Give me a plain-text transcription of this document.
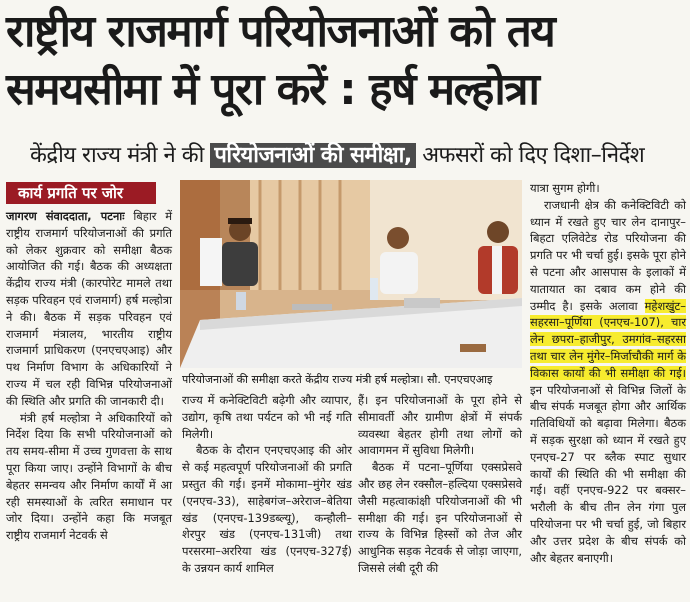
राष्ट्रीय राजमार्ग परियोजनाओं को तय
समयसीमा में पूरा करें : हर्ष मल्होत्रा
केंद्रीय राज्य मंत्री ने की परियोजनाओं की समीक्षा, अफसरों को दिए दिशा–निर्देश
कार्य प्रगति पर जोर

जागरण संवाददाता, पटनाः बिहार में राष्ट्रीय राजमार्ग परियोजनाओं की प्रगति को लेकर शुक्रवार को समीक्षा बैठक आयोजित की गई। बैठक की अध्यक्षता केंद्रीय राज्य मंत्री (कारपोरेट मामले तथा सड़क परिवहन एवं राजमार्ग) हर्ष मल्होत्रा ने की। बैठक में सड़क परिवहन एवं राजमार्ग मंत्रालय, भारतीय राष्ट्रीय राजमार्ग प्राधिकरण (एनएचएआइ) और पथ निर्माण विभाग के अधिकारियों ने राज्य में चल रही विभिन्न परियोजनाओं की स्थिति और प्रगति की जानकारी दी।

मंत्री हर्ष मल्होत्रा ने अधिकारियों को निर्देश दिया कि सभी परियोजनाओं को तय समय-सीमा में उच्च गुणवत्ता के साथ पूरा किया जाए। उन्होंने विभागों के बीच बेहतर समन्वय और निर्माण कार्यों में आ रही समस्याओं के त्वरित समाधान पर जोर दिया। उन्होंने कहा कि मजबूत राष्ट्रीय राजमार्ग नेटवर्क से

परियोजनाओं की समीक्षा करते केंद्रीय राज्य मंत्री हर्ष मल्होत्रा। सौ. एनएचएआइ

राज्य में कनेक्टिविटी बढ़ेगी और व्यापार, उद्योग, कृषि तथा पर्यटन को भी नई गति मिलेगी।

बैठक के दौरान एनएचएआइ की ओर से कई महत्वपूर्ण परियोजनाओं की प्रगति प्रस्तुत की गई। इनमें मोकामा–मुंगेर खंड (एनएच-33), साहेबगंज–अरेराज–बेतिया खंड (एनएच-139डब्ल्यू), कन्हौली–शेरपुर खंड (एनएच-131जी) तथा परसरमा–अररिया खंड (एनएच-327ई) के उन्नयन कार्य शामिल

हैं। इन परियोजनाओं के पूरा होने से सीमावर्ती और ग्रामीण क्षेत्रों में संपर्क व्यवस्था बेहतर होगी तथा लोगों को आवागमन में सुविधा मिलेगी।

बैठक में पटना–पूर्णिया एक्सप्रेसवे और छह लेन रक्सौल–हल्दिया एक्सप्रेसवे जैसी महत्वाकांक्षी परियोजनाओं की भी समीक्षा की गई। इन परियोजनाओं से राज्य के विभिन्न हिस्सों को तेज और आधुनिक सड़क नेटवर्क से जोड़ा जाएगा, जिससे लंबी दूरी की

यात्रा सुगम होगी।

राजधानी क्षेत्र की कनेक्टिविटी को ध्यान में रखते हुए चार लेन दानापुर–बिहटा एलिवेटेड रोड परियोजना की प्रगति पर भी चर्चा हुई। इसके पूरा होने से पटना और आसपास के इलाकों में यातायात का दबाव कम होने की उम्मीद है। इसके अलावा महेशखुंट–सहरसा–पूर्णिया (एनएच-107), चार लेन छपरा–हाजीपुर, उमगांव–सहरसा तथा चार लेन मुंगेर–मिर्जाचौकी मार्ग के विकास कार्यों की भी समीक्षा की गई। इन परियोजनाओं से विभिन्न जिलों के बीच संपर्क मजबूत होगा और आर्थिक गतिविधियों को बढ़ावा मिलेगा। बैठक में सड़क सुरक्षा को ध्यान में रखते हुए एनएच-27 पर ब्लैक स्पाट सुधार कार्यों की स्थिति की भी समीक्षा की गई। वहीं एनएच-922 पर बक्सर–भरौली के बीच तीन लेन गंगा पुल परियोजना पर भी चर्चा हुई, जो बिहार और उत्तर प्रदेश के बीच संपर्क को और बेहतर बनाएगी।
